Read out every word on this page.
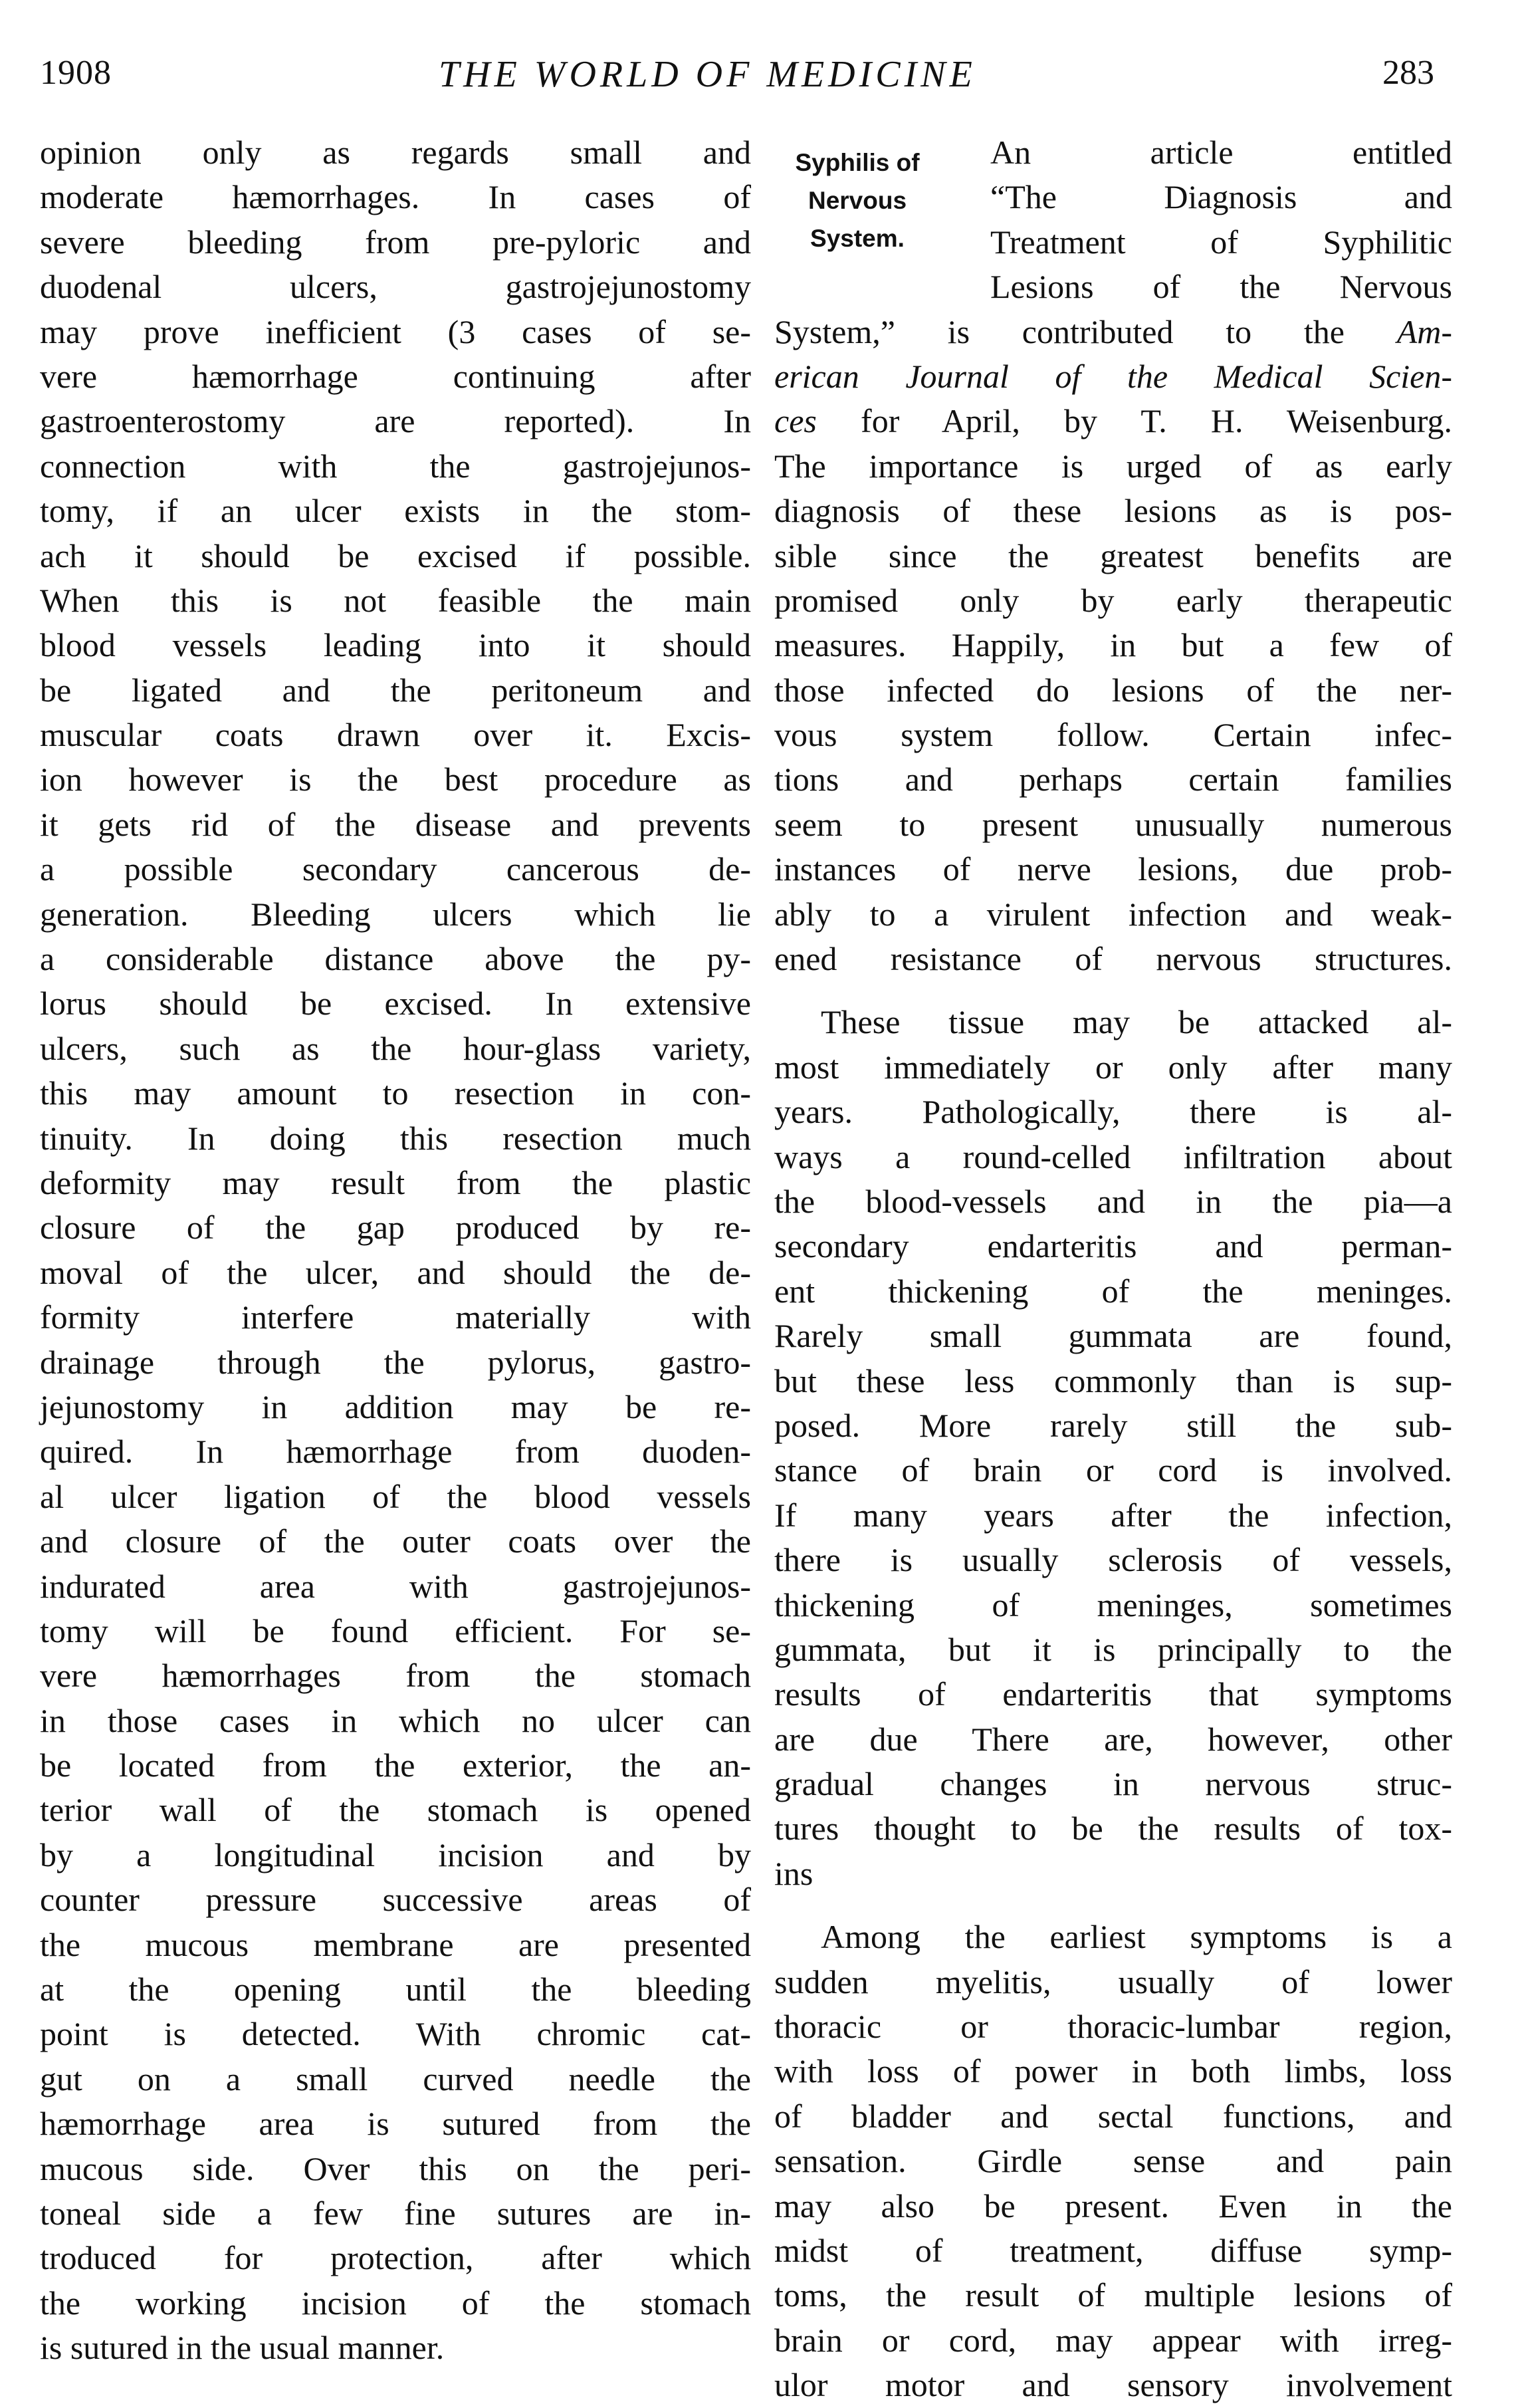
1908	THE WORLD OF MEDICINE	283
opinion only as regards small and
moderate hæmorrhages. In cases of
severe bleeding from pre-pyloric and
duodenal ulcers, gastrojejunostomy
may prove inefficient (3 cases of se-
vere hæmorrhage continuing after
gastroenterostomy are reported). In
connection with the gastrojejunos-
tomy, if an ulcer exists in the stom-
ach it should be excised if possible.
When this is not feasible the main
blood vessels leading into it should
be ligated and the peritoneum and
muscular coats drawn over it. Excis-
ion however is the best procedure as
it gets rid of the disease and prevents
a possible secondary cancerous de-
generation. Bleeding ulcers which lie
a considerable distance above the py-
lorus should be excised. In extensive
ulcers, such as the hour-glass variety,
this may amount to resection in con-
tinuity. In doing this resection much
deformity may result from the plastic
closure of the gap produced by re-
moval of the ulcer, and should the de-
formity interfere materially with
drainage through the pylorus, gastro-
jejunostomy in addition may be re-
quired. In hæmorrhage from duoden-
al ulcer ligation of the blood vessels
and closure of the outer coats over the
indurated area with gastrojejunos-
tomy will be found efficient. For se-
vere hæmorrhages from the stomach
in those cases in which no ulcer can
be located from the exterior, the an-
terior wall of the stomach is opened
by a longitudinal incision and by
counter pressure successive areas of
the mucous membrane are presented
at the opening until the bleeding
point is detected. With chromic cat-
gut on a small curved needle the
hæmorrhage area is sutured from the
mucous side. Over this on the peri-
toneal side a few fine sutures are in-
troduced for protection, after which
the working incision of the stomach
is sutured in the usual manner.
Syphilis of
Nervous
System.
An article entitled
“The Diagnosis and
Treatment of Syphilitic
Lesions of the Nervous
System,” is contributed to the Am-
erican Journal of the Medical Scien-
ces for April, by T. H. Weisenburg.
The importance is urged of as early
diagnosis of these lesions as is pos-
sible since the greatest benefits are
promised only by early therapeutic
measures. Happily, in but a few of
those infected do lesions of the ner-
vous system follow. Certain infec-
tions and perhaps certain families
seem to present unusually numerous
instances of nerve lesions, due prob-
ably to a virulent infection and weak-
ened resistance of nervous structures.
These tissue may be attacked al-
most immediately or only after many
years. Pathologically, there is al-
ways a round-celled infiltration about
the blood-vessels and in the pia—a
secondary endarteritis and perman-
ent thickening of the meninges.
Rarely small gummata are found,
but these less commonly than is sup-
posed. More rarely still the sub-
stance of brain or cord is involved.
If many years after the infection,
there is usually sclerosis of vessels,
thickening of meninges, sometimes
gummata, but it is principally to the
results of endarteritis that symptoms
are due There are, however, other
gradual changes in nervous struc-
tures thought to be the results of tox-
ins
Among the earliest symptoms is a
sudden myelitis, usually of lower
thoracic or thoracic-lumbar region,
with loss of power in both limbs, loss
of bladder and sectal functions, and
sensation. Girdle sense and pain
may also be present. Even in the
midst of treatment, diffuse symp-
toms, the result of multiple lesions of
brain or cord, may appear with irreg-
ulor motor and sensory involvement
